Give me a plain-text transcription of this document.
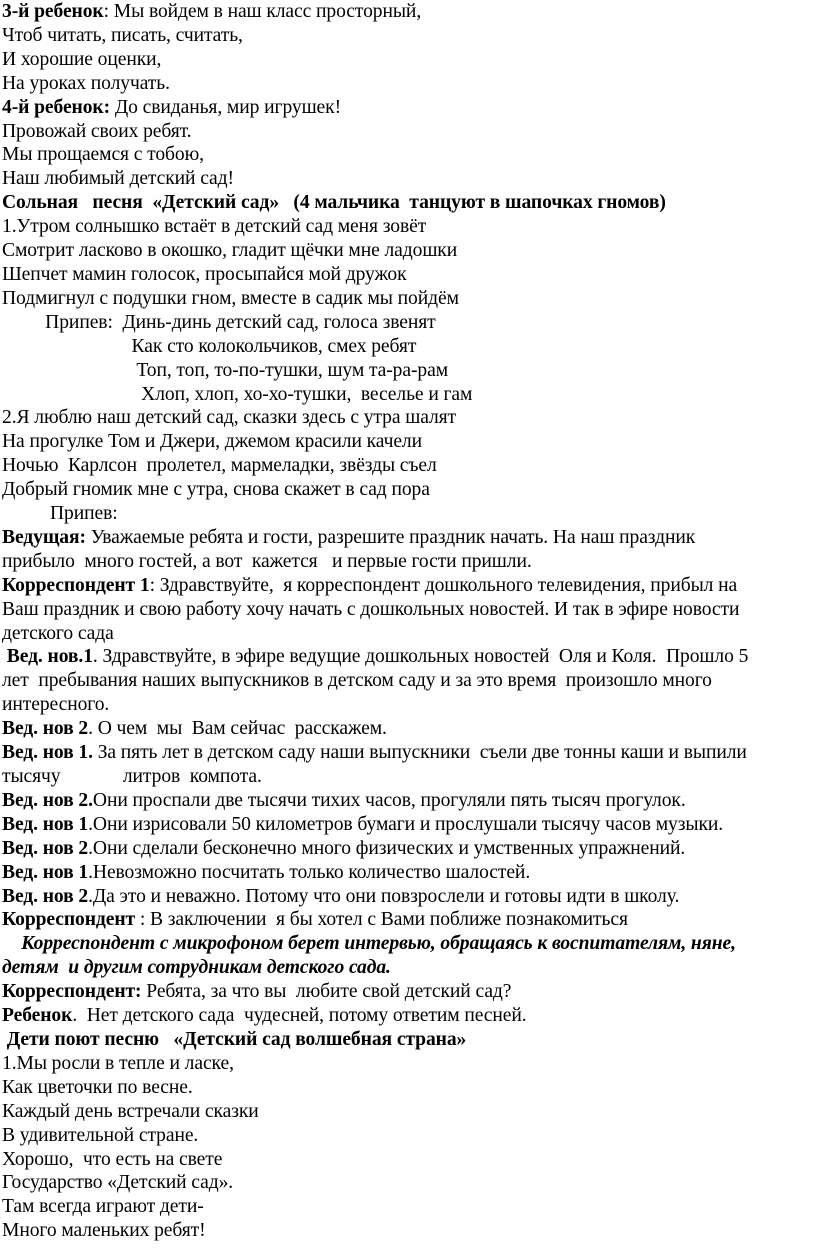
3-й ребенок: Мы войдем в наш класс просторный,
Чтоб читать, писать, считать,
И хорошие оценки,
На уроках получать.
4-й ребенок: До свиданья, мир игрушек!
Провожай своих ребят.
Мы прощаемся с тобою,
Наш любимый детский сад!
Сольная   песня  «Детский сад»   (4 мальчика  танцуют в шапочках гномов)
1.Утром солнышко встаёт в детский сад меня зовёт
Смотрит ласково в окошко, гладит щёчки мне ладошки
Шепчет мамин голосок, просыпайся мой дружок
Подмигнул с подушки гном, вместе в садик мы пойдём
Припев:  Динь-динь детский сад, голоса звенят
Как сто колокольчиков, смех ребят
Топ, топ, то-по-тушки, шум та-ра-рам
Хлоп, хлоп, хо-хо-тушки,  веселье и гам
2.Я люблю наш детский сад, сказки здесь с утра шалят
На прогулке Том и Джери, джемом красили качели
Ночью  Карлсон  пролетел, мармеладки, звёзды съел
Добрый гномик мне с утра, снова скажет в сад пора
Припев:
Ведущая: Уважаемые ребята и гости, разрешите праздник начать. На наш праздник
прибыло  много гостей, а вот  кажется   и первые гости пришли.
Корреспондент 1: Здравствуйте,  я корреспондент дошкольного телевидения, прибыл на
Ваш праздник и свою работу хочу начать с дошкольных новостей. И так в эфире новости
детского сада
Вед. нов.1. Здравствуйте, в эфире ведущие дошкольных новостей  Оля и Коля.  Прошло 5
лет  пребывания наших выпускников в детском саду и за это время  произошло много
интересного.
Вед. нов 2. О чем  мы  Вам сейчас  расскажем.
Вед. нов 1. За пять лет в детском саду наши выпускники  съели две тонны каши и выпили
тысячу             литров  компота.
Вед. нов 2.Они проспали две тысячи тихих часов, прогуляли пять тысяч прогулок.
Вед. нов 1.Они изрисовали 50 километров бумаги и прослушали тысячу часов музыки.
Вед. нов 2.Они сделали бесконечно много физических и умственных упражнений.
Вед. нов 1.Невозможно посчитать только количество шалостей.
Вед. нов 2.Да это и неважно. Потому что они повзрослели и готовы идти в школу.
Корреспондент : В заключении  я бы хотел с Вами поближе познакомиться
Корреспондент с микрофоном берет интервью, обращаясь к воспитателям, няне,
детям  и другим сотрудникам детского сада.
Корреспондент: Ребята, за что вы  любите свой детский сад?
Ребенок.  Нет детского сада  чудесней, потому ответим песней.
Дети поют песню   «Детский сад волшебная страна»
1.Мы росли в тепле и ласке,
Как цветочки по весне.
Каждый день встречали сказки
В удивительной стране.
Хорошо,  что есть на свете
Государство «Детский сад».
Там всегда играют дети-
Много маленьких ребят!
